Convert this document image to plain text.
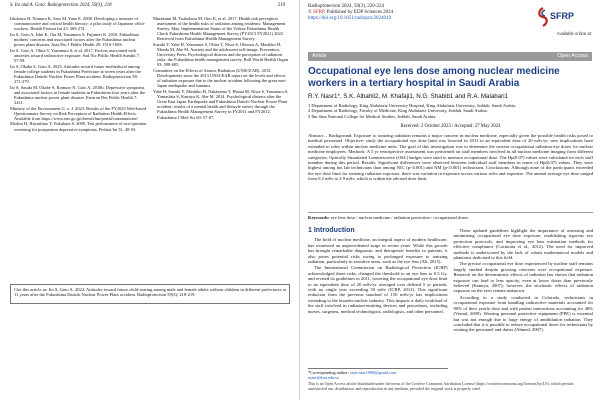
S. Ito and A. Goto: Radioprotection 2024, 59(3), 218	219

Ishikawa H, Nomura K, Sato M, Yano E. 2008. Developing a measure of communicative and critical health literacy: a pilot study of Japanese office workers. Health Promot Int 23: 269-274.

Ito S, Goto A, Ishii K, Ota M, Yasumura S, Fujimori K. 2016. Fukushima mothers' concerns and associated factors after the Fukushima nuclear power plant disaster. Asia Pac J Public Health 29: 151S-160S.

Ito S, Goto A, Ohira T, Yasumura S, et al. 2017. Factors associated with anxieties toward radioactive exposure. Sad Nic Public Health Sumikt 7: 57-59.

Ito S, Okabe S, Goto A. 2023. Attitudes toward future motherhood among female college students in Fukushima Prefecture at seven years after the Fukushima Daiichi Nuclear Power Plant accident. Radioprotection 58: 271-279.

Ito S, Sasaki M, Okabe S, Komuro N, Goto A. 2018b. Depressive symptoms and associated factors in female students in Fukushima four years after the Fukushima nuclear power plant disaster. Environ Res Public Health 7: 2411.

Ministry of the Environment G. o. J. 2023. Results of the FY2023 Web-based Questionnaire Survey on Risk Perception of Radiation Health Effects. Available from https://www.env.go.jp/chemi/rhm/portal/communicate/

Modini H, Hayashino Y, Fukuhara S. 2009. Test performance of two-question screening for postpartum depressive symptoms. Pediatr Int 51: 48-53.

Murakami M, Tsubokura M, Ono K, et al. 2017. Health risk perception assessment of the health risks of radiation among residents: Management Survey. May. Implementation Status of the Vorkay Fukushima Health Check Fukushima Health Management Survey (FY2013 FY2021) 2022 Retrieved from Fukushima Health Management Survey.

Suzuki Y, Yabe H, Yasumura S, Ohira T, Niwa S, Ohtsuru A, Mashiko H, Maeda M, Abe M. Anxiety and the adolescent self-image. Prevention, University Press. Psychological distress and the perception of radiation risks: the Fukushima health management survey. Bull World Health Organ 93: 598-605.

Committee on the Effects of Atomic Radiation (UNSCEAR). 2015. Developments since the 2013 UNSCEAR report on the levels and effects of radiation exposure due to the nuclear accident following the great east-Japan earthquake and tsunami.

Yabe H, Suzuki Y, Mashiko H, Nakayama Y, Hisata M, Niwa S, Yasumura S, Yamashita S, Kamiya K, Abe M. 2014. Psychological distress after the Great East Japan Earthquake and Fukushima Daiichi Nuclear Power Plant accident: results of a mental health and lifestyle survey through the Fukushima Health Management Survey in FY2011 and FY2012. Fukushima J Med Sci 60: 57-67.

Cite this article as: Ito S, Goto A. 2024. Attitudes toward future child-rearing among male and female adults without children in different prefectures at 11 years after the Fukushima Daiichi Nuclear Power Plant accident. Radioprotection 59(3): 218-219.
Radioprotection 2024, 59(3), 220-224
© SFRP, Published by EDP Sciences 2024
https://doi.org/10.1051/radiopro/2024019	SFRP
Available online at:
Article	Open Access
Occupational eye lens dose among nuclear medicine workers in a tertiary hospital in Saudi Arabia
R.Y. Nasr1*, S.K. Albahli2, M. Khafaji1, N.G. Shabib1 and R.A. Malabari1
1 Department of Radiology, King Abdulaziz University Hospital, King Abdulaziz University, Jeddah, Saudi Arabia.
2 Department of Radiology, Faculty of Medicine, King Abdulaziz University, Jeddah, Saudi Arabia.
3 Ibn Sina National College for Medical Studies, Jeddah, Saudi Arabia.
Received: 2 October 2023 / Accepted: 27 May 2024
Abstract – Background: Exposure to ionizing radiation remains a major concern in nuclear medicine, especially given the possible health risks posed to medical personnel. Objective: study the occupational eye dose limit was lowered in 2011 to an equivalent dose of 20 mSv/yr, new implications have extended to roles within nuclear medicine units. The goal of this investigation was to determine the current occupational radiation eye doses for nuclear medicine employees. Methods: A 5 yr retrospective assessment was performed on staff members involved in all nuclear medicine imaging from different categories. Optically Stimulated Luminescence (OSL) badges were used to measure occupational dose. The Hp(0.07) values were calculated for each staff member during this period. Results: Significant differences were observed between individual staff members in terms of Hp(0.07) values. They were highest among hot lab technicians than among NIC (p<0.001) and NM (p<0.001) technicians. Conclusions: Although none of the participants exceeded the eye dose limit for ionizing radiation exposure, there was variation in exposure across various roles and expertise. The annual average eye dose ranged from 0.2 mSv to 2.9 mSv, which is within the advised dose limit.
Keywords: eye lens dose / nuclear medicine / radiation protection / occupational doses
1 Introduction

The field of nuclear medicine, an integral aspect of modern healthcare, has witnessed an unprecedented surge in recent years. While this growth has brought remarkable diagnostic and therapeutic benefits to patients, it also poses potential risks owing to prolonged exposure to ionizing radiation, particularly in sensitive areas, such as the eye lens (Ali, 2015).

The International Commission on Radiological Protection (ICRP) acknowledged these risks, changed the threshold to an eye lens to 0.5 Gy, and revised its guidelines in 2011, lowering the occupational eye dose limit to an equivalent dose of 20 mSv/yr averaged over defined 5 yr periods, with no single year exceeding 50 mSv (ICRP, 2012). This significant reduction from the previous standard of 150 mSv/yr has implications extending to the broader nuclear industry. This impacts a daily workload of the staff involved in radiation-emitting devices and procedures, including nurses, surgeons, medical technologists, radiologists, and other personnel.

These updated guidelines highlight the importance of assessing and minimizing occupational eye dose exposure, establishing rigorous eye protection protocols, and improving eye lens estimation methods for effective compliance (Cucinotta et al., 2012). The need for improved methods is underscored by the lack of robust mathematical models and phantoms dedicated to this field.

The precise occupational eye dose experienced by nuclear staff remains largely studied despite growing concerns over occupational exposure. Research on the deterministic effects of radiation has shown that radiation exposure can lead to lens opacity, even at lower doses than previously believed (Kamiya, 2007); however, the stochastic effects of radiation exposure on the eyes remain unknown.

According to a study conducted in Colorado, technicians in occupational exposure from handling radioactive materials accounted for 90% of their yearly dose and with patient interactions accounting for 40% (Vernal, 2009). Wearing personal protective equipment (PPE) is essential but was not enough due to large energy of annihilation radiation. They concluded that it is possible to reduce occupational doses for technicians by rotating the personnel and duties (Ahmed, 2007).

*Corresponding author: rasir.nasr1998@gmail.com
rnasr@kau.edu.sa
This is an Open Access article distributed under the terms of the Creative Commons Attribution License (https://creativecommons.org/licenses/by/4.0), which permits unrestricted use, distribution, and reproduction in any medium, provided the original work is properly cited.
